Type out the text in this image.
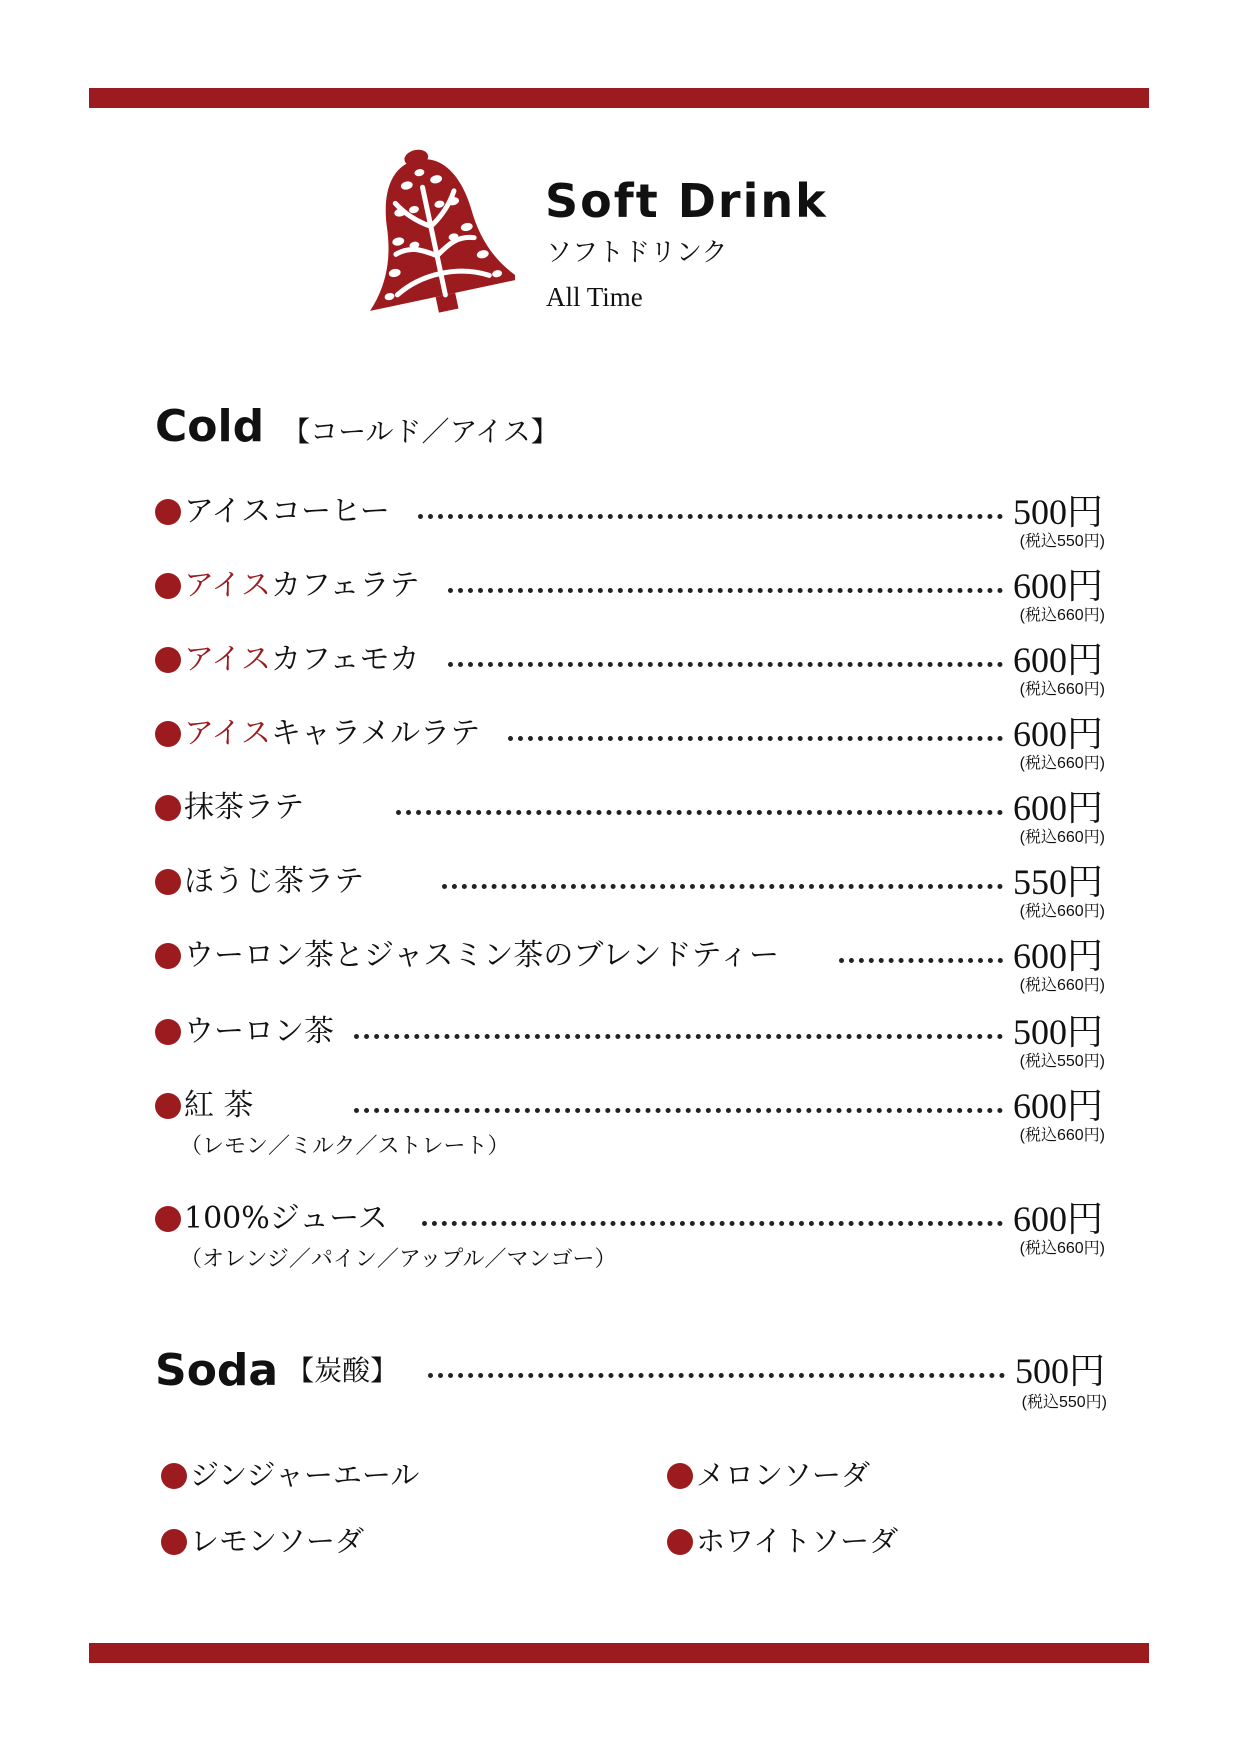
Soft Drink
ソフトドリンク
All Time
Cold 【コールド／アイス】
アイスコーヒー	500円
(税込550円)
アイスカフェラテ	600円
(税込660円)
アイスカフェモカ	600円
(税込660円)
アイスキャラメルラテ	600円
(税込660円)
抹茶ラテ	600円
(税込660円)
ほうじ茶ラテ	550円
(税込660円)
ウーロン茶とジャスミン茶のブレンドティー	600円
(税込660円)
ウーロン茶	500円
(税込550円)
紅 茶	600円
(税込660円)
（レモン／ミルク／ストレート）
100%ジュース	600円
(税込660円)
（オレンジ／パイン／アップル／マンゴー）
Soda 【炭酸】	500円
(税込550円)
ジンジャーエール	メロンソーダ
レモンソーダ	ホワイトソーダ
